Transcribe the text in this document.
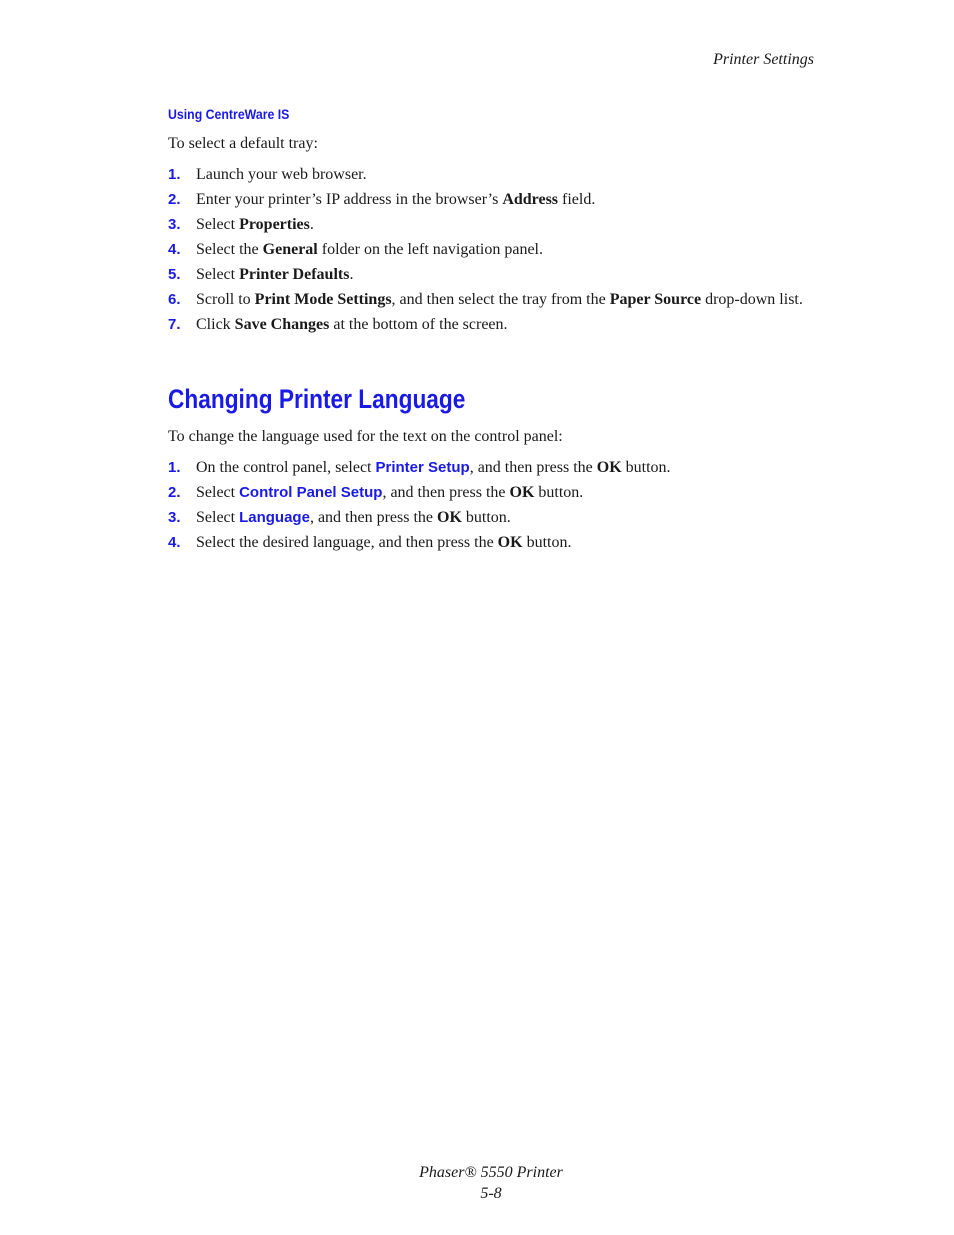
Printer Settings
Using CentreWare IS
To select a default tray:
1. Launch your web browser.
2. Enter your printer’s IP address in the browser’s Address field.
3. Select Properties.
4. Select the General folder on the left navigation panel.
5. Select Printer Defaults.
6. Scroll to Print Mode Settings, and then select the tray from the Paper Source drop-down list.
7. Click Save Changes at the bottom of the screen.
Changing Printer Language
To change the language used for the text on the control panel:
1. On the control panel, select Printer Setup, and then press the OK button.
2. Select Control Panel Setup, and then press the OK button.
3. Select Language, and then press the OK button.
4. Select the desired language, and then press the OK button.
Phaser® 5550 Printer
5-8
